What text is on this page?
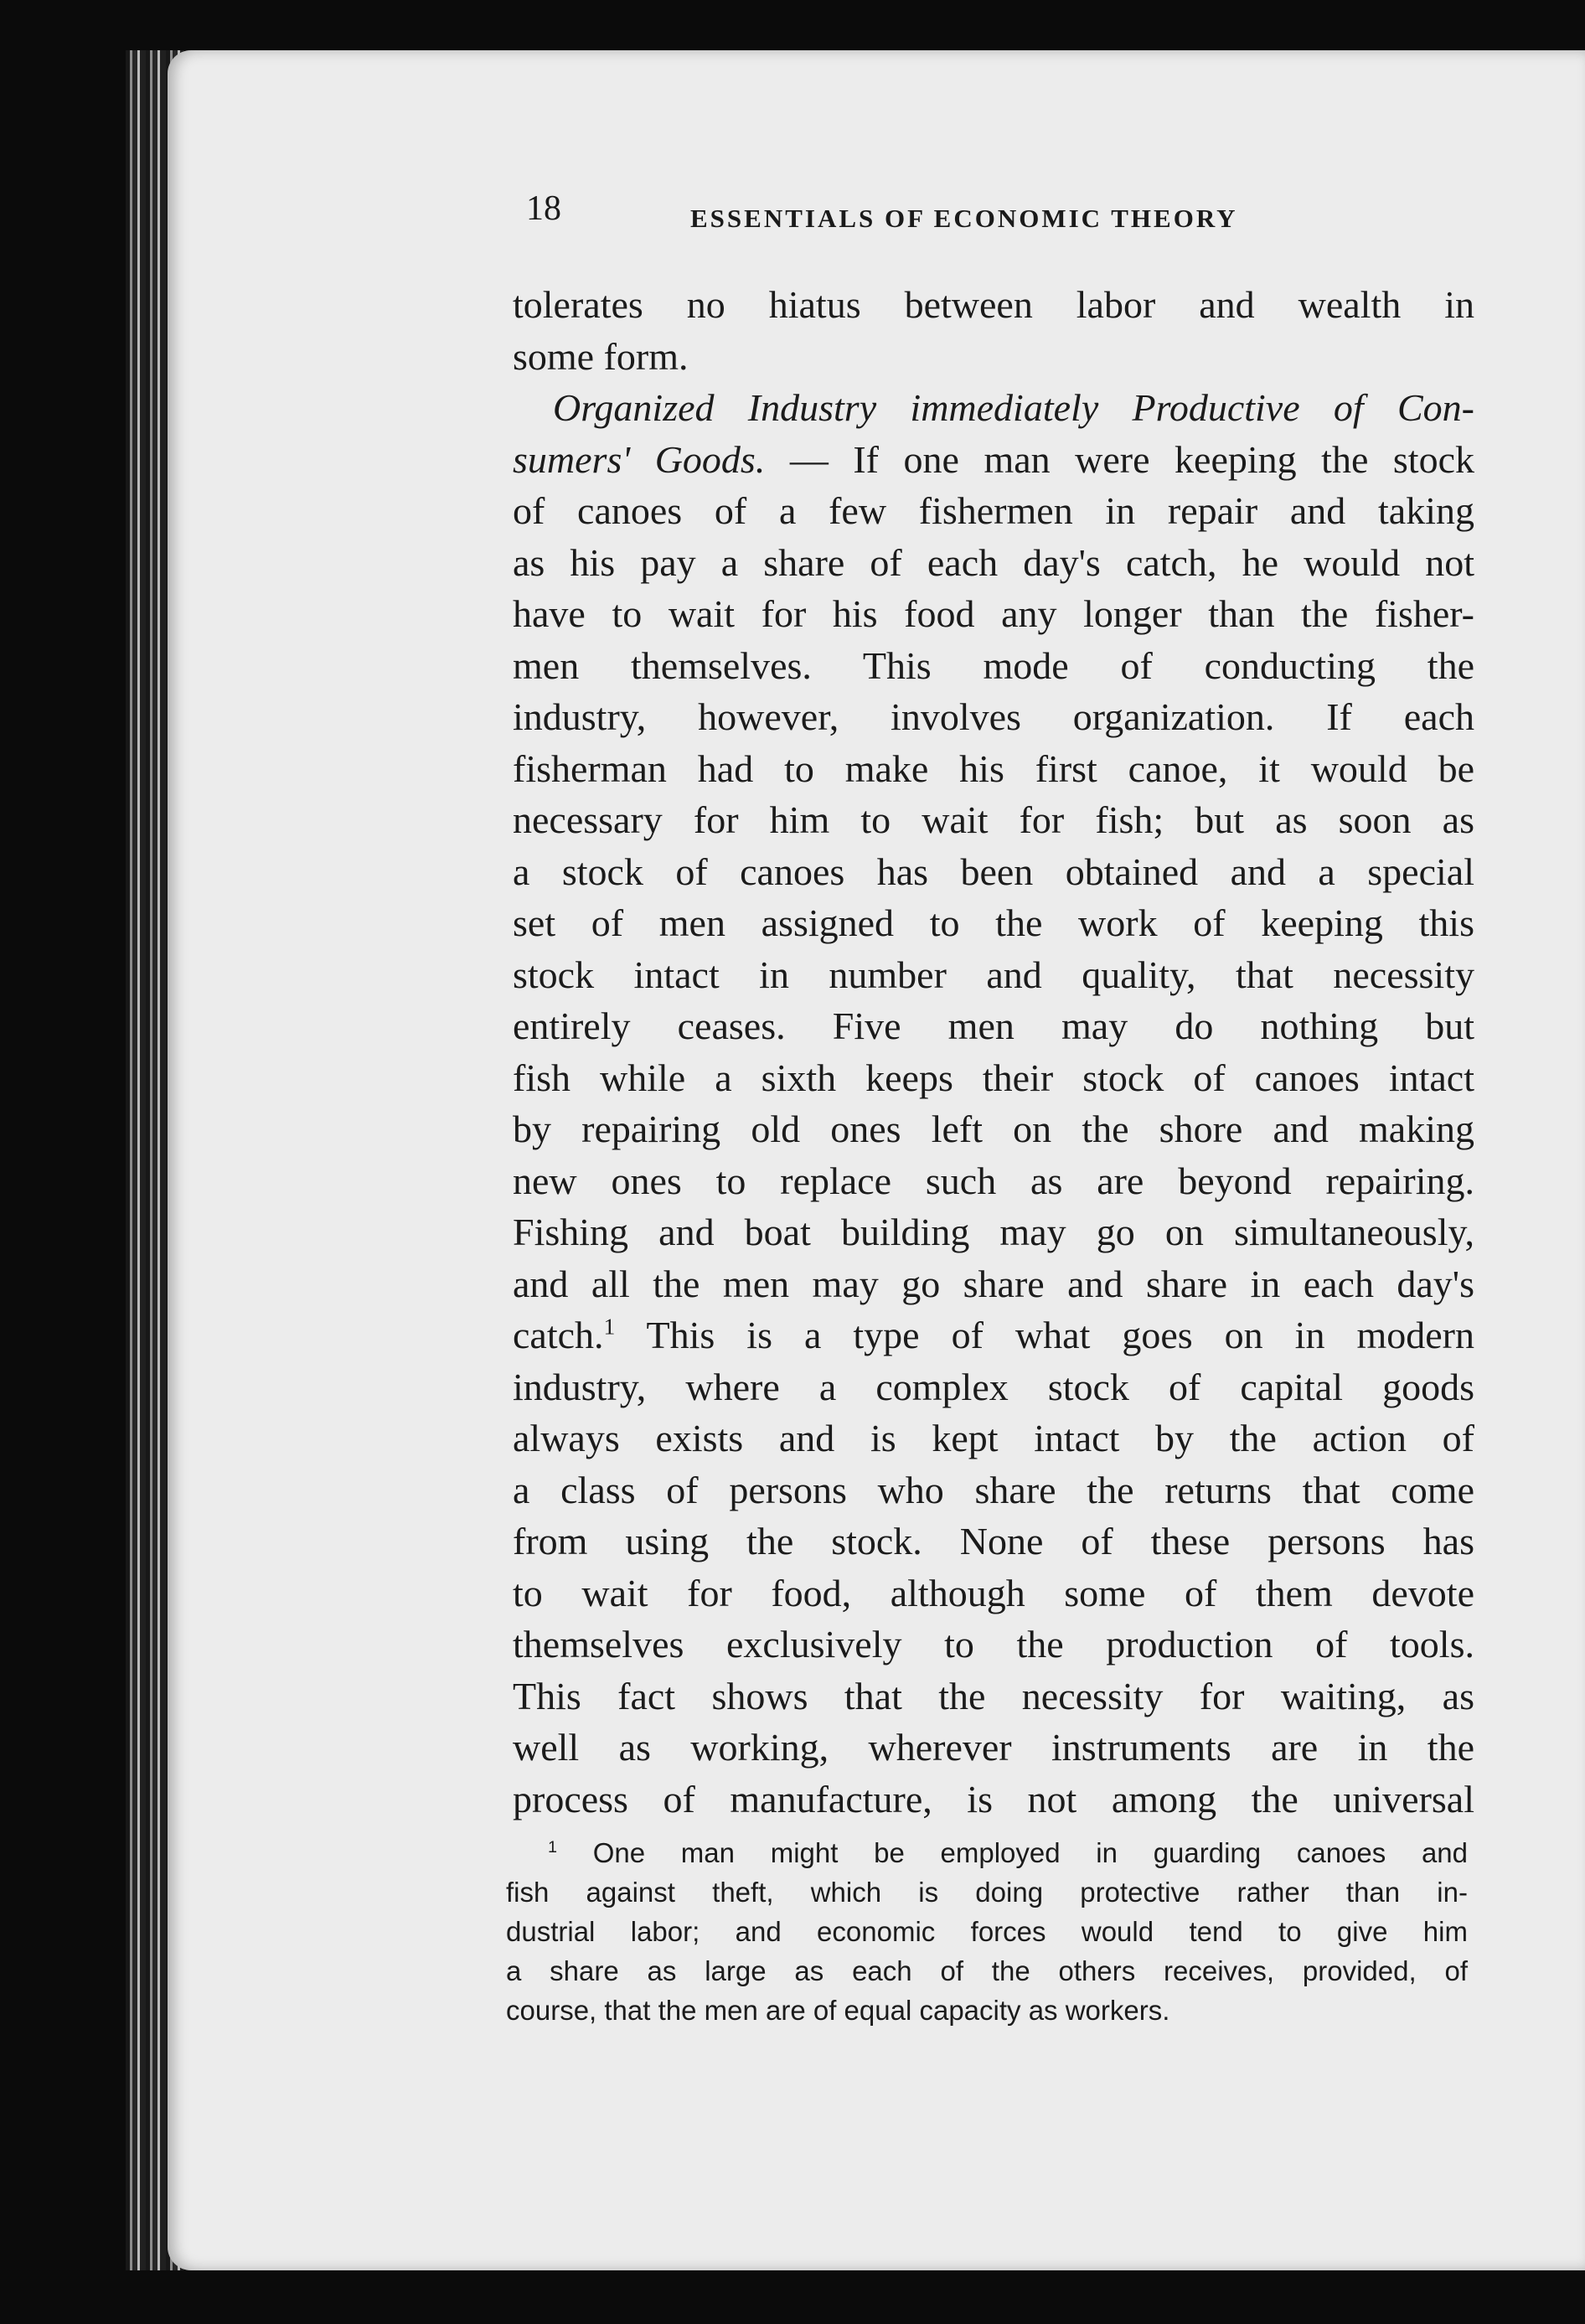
18	ESSENTIALS OF ECONOMIC THEORY
tolerates no hiatus between labor and wealth in
some form.
Organized Industry immediately Productive of Con-
sumers' Goods. — If one man were keeping the stock
of canoes of a few fishermen in repair and taking
as his pay a share of each day's catch, he would not
have to wait for his food any longer than the fisher-
men themselves. This mode of conducting the
industry, however, involves organization. If each
fisherman had to make his first canoe, it would be
necessary for him to wait for fish; but as soon as
a stock of canoes has been obtained and a special
set of men assigned to the work of keeping this
stock intact in number and quality, that necessity
entirely ceases. Five men may do nothing but
fish while a sixth keeps their stock of canoes intact
by repairing old ones left on the shore and making
new ones to replace such as are beyond repairing.
Fishing and boat building may go on simultaneously,
and all the men may go share and share in each day's
catch.$^1$ This is a type of what goes on in modern
industry, where a complex stock of capital goods
always exists and is kept intact by the action of
a class of persons who share the returns that come
from using the stock. None of these persons has
to wait for food, although some of them devote
themselves exclusively to the production of tools.
This fact shows that the necessity for waiting, as
well as working, wherever instruments are in the
process of manufacture, is not among the universal
$^1$ One man might be employed in guarding canoes and
fish against theft, which is doing protective rather than in-
dustrial labor; and economic forces would tend to give him
a share as large as each of the others receives, provided, of
course, that the men are of equal capacity as workers.
